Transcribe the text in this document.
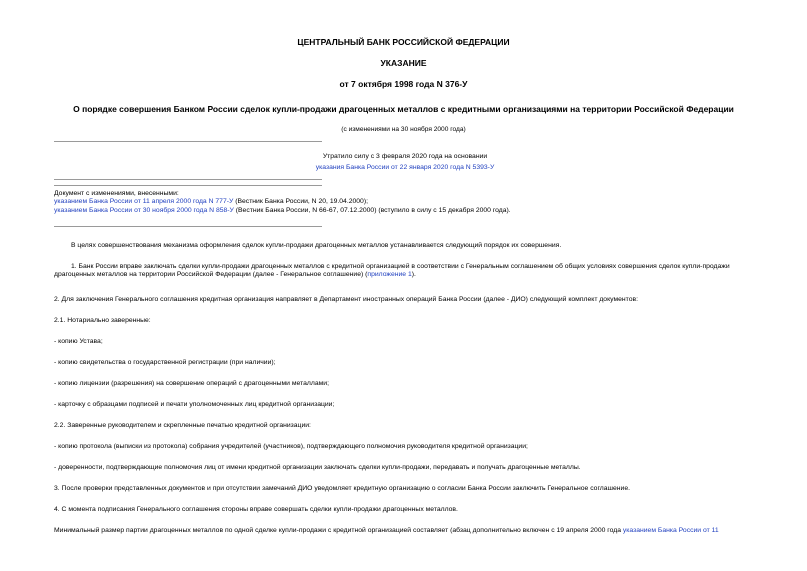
ЦЕНТРАЛЬНЫЙ БАНК РОССИЙСКОЙ ФЕДЕРАЦИИ
УКАЗАНИЕ
от 7 октября 1998 года N 376-У
О порядке совершения Банком России сделок купли-продажи драгоценных металлов с кредитными организациями на территории Российской Федерации
(с изменениями на 30 ноября 2000 года)
Утратило силу с 3 февраля 2020 года на основании
указания Банка России от 22 января 2020 года N 5393-У
Документ с изменениями, внесенными:
указанием Банка России от 11 апреля 2000 года N 777-У (Вестник Банка России, N 20, 19.04.2000);
указанием Банка России от 30 ноября 2000 года N 858-У (Вестник Банка России, N 66-67, 07.12.2000) (вступило в силу с 15 декабря 2000 года).
В целях совершенствования механизма оформления сделок купли-продажи драгоценных металлов устанавливается следующий порядок их совершения.
1. Банк России вправе заключать сделки купли-продажи драгоценных металлов с кредитной организацией в соответствии с Генеральным соглашением об общих условиях совершения сделок купли-продажи драгоценных металлов на территории Российской Федерации (далее - Генеральное соглашение) (приложение 1).
2. Для заключения Генерального соглашения кредитная организация направляет в Департамент иностранных операций Банка России (далее - ДИО) следующий комплект документов:
2.1. Нотариально заверенные:
- копию Устава;
- копию свидетельства о государственной регистрации (при наличии);
- копию лицензии (разрешения) на совершение операций с драгоценными металлами;
- карточку с образцами подписей и печати уполномоченных лиц кредитной организации;
2.2. Заверенные руководителем и скрепленные печатью кредитной организации:
- копию протокола (выписки из протокола) собрания учредителей (участников), подтверждающего полномочия руководителя кредитной организации;
- доверенности, подтверждающие полномочия лиц от имени кредитной организации заключать сделки купли-продажи, передавать и получать драгоценные металлы.
3. После проверки представленных документов и при отсутствии замечаний ДИО уведомляет кредитную организацию о согласии Банка России заключить Генеральное соглашение.
4. С момента подписания Генерального соглашения стороны вправе совершать сделки купли-продажи драгоценных металлов.
Минимальный размер партии драгоценных металлов по одной сделке купли-продажи с кредитной организацией составляет (абзац дополнительно включен с 19 апреля 2000 года указанием Банка России от 11
